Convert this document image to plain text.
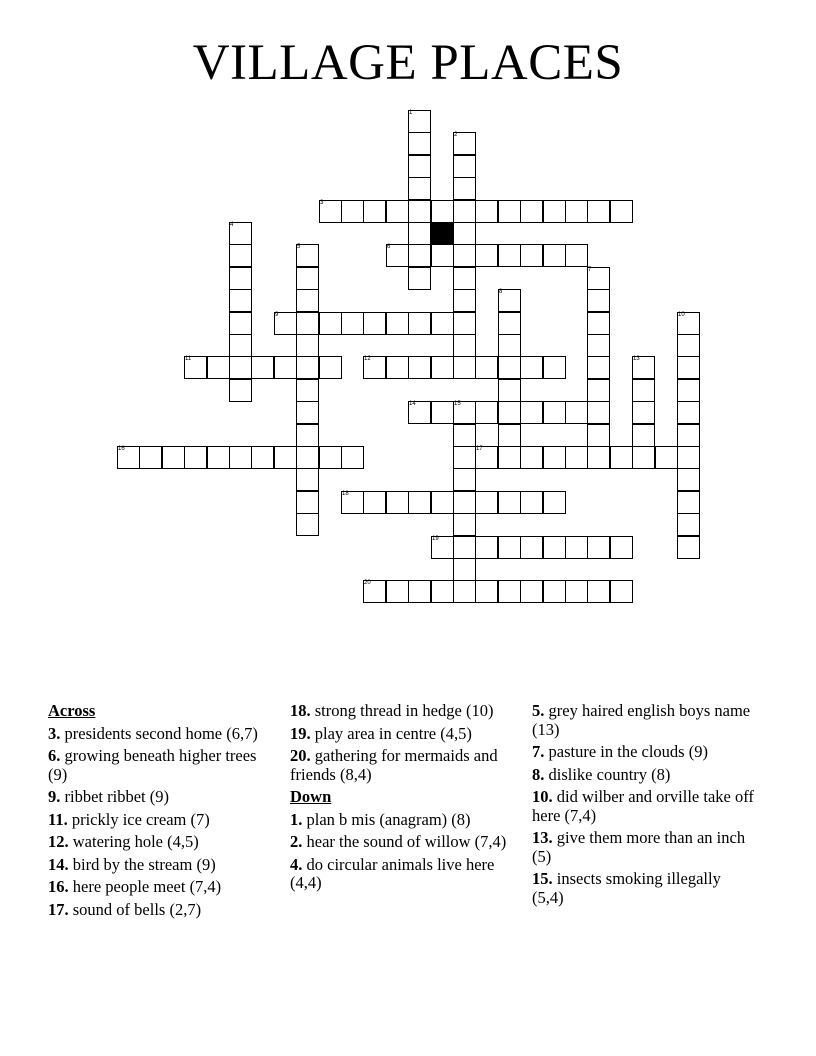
VILLAGE PLACES
1
2
3
4
5	6
7
8
9	10
11	12	13
14	15
16	17
18
19
20
Across
3. presidents second home (6,7)
6. growing beneath higher trees (9)
9. ribbet ribbet (9)
11. prickly ice cream (7)
12. watering hole (4,5)
14. bird by the stream (9)
16. here people meet (7,4)
17. sound of bells (2,7)
18. strong thread in hedge (10)
19. play area in centre (4,5)
20. gathering for mermaids and friends (8,4)
Down
1. plan b mis (anagram) (8)
2. hear the sound of willow (7,4)
4. do circular animals live here (4,4)
5. grey haired english boys name (13)
7. pasture in the clouds (9)
8. dislike country (8)
10. did wilber and orville take off here (7,4)
13. give them more than an inch (5)
15. insects smoking illegally (5,4)
